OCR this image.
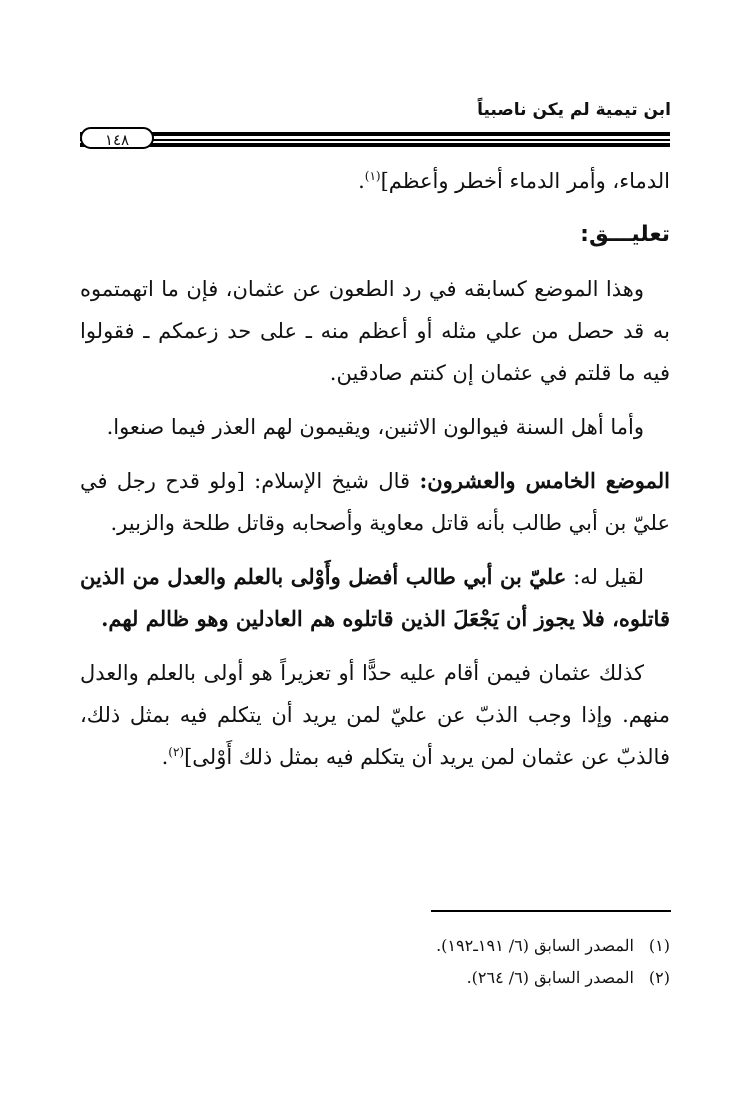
ابن تيمية لم يكن ناصبياً
١٤٨

الدماء، وأمر الدماء أخطر وأعظم]$^{(١)}$.

تعليـــق:

وهذا الموضع كسابقه في رد الطعون عن عثمان، فإن ما اتهمتموه به قد حصل من علي مثله أو أعظم منه ـ على حد زعمكم ـ فقولوا فيه ما قلتم في عثمان إن كنتم صادقين.

وأما أهل السنة فيوالون الاثنين، ويقيمون لهم العذر فيما صنعوا.

الموضع الخامس والعشرون: قال شيخ الإسلام: [ولو قدح رجل في عليّ بن أبي طالب بأنه قاتل معاوية وأصحابه وقاتل طلحة والزبير.

لقيل له: عليّ بن أبي طالب أفضل وأَوْلى بالعلم والعدل من الذين قاتلوه، فلا يجوز أن يَجْعَلَ الذين قاتلوه هم العادلين وهو ظالم لهم.

كذلك عثمان فيمن أقام عليه حدًّا أو تعزيراً هو أولى بالعلم والعدل منهم. وإذا وجب الذبّ عن عليّ لمن يريد أن يتكلم فيه بمثل ذلك، فالذبّ عن عثمان لمن يريد أن يتكلم فيه بمثل ذلك أَوْلى]$^{(٢)}$.

(١)المصدر السابق (٦/ ١٩١ـ١٩٢).

(٢)المصدر السابق (٦/ ٢٦٤).
